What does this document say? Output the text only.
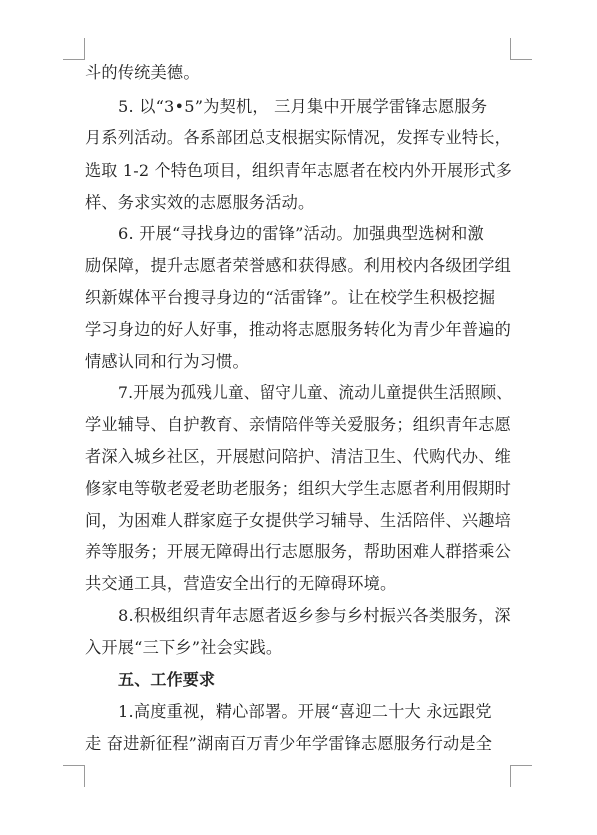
斗的传统美德。
5. 以“3•5”为契机， 三月集中开展学雷锋志愿服务
月系列活动。各系部团总支根据实际情况，发挥专业特长，
选取 1-2 个特色项目，组织青年志愿者在校内外开展形式多
样、务求实效的志愿服务活动。
6. 开展“寻找身边的雷锋”活动。加强典型选树和激
励保障，提升志愿者荣誉感和获得感。利用校内各级团学组
织新媒体平台搜寻身边的“活雷锋”。让在校学生积极挖掘
学习身边的好人好事，推动将志愿服务转化为青少年普遍的
情感认同和行为习惯。
7.开展为孤残儿童、留守儿童、流动儿童提供生活照顾、
学业辅导、自护教育、亲情陪伴等关爱服务；组织青年志愿
者深入城乡社区，开展慰问陪护、清洁卫生、代购代办、维
修家电等敬老爱老助老服务；组织大学生志愿者利用假期时
间，为困难人群家庭子女提供学习辅导、生活陪伴、兴趣培
养等服务；开展无障碍出行志愿服务，帮助困难人群搭乘公
共交通工具，营造安全出行的无障碍环境。
8.积极组织青年志愿者返乡参与乡村振兴各类服务，深
入开展“三下乡”社会实践。
五、工作要求
1.高度重视，精心部署。开展“喜迎二十大 永远跟党
走 奋进新征程”湖南百万青少年学雷锋志愿服务行动是全
